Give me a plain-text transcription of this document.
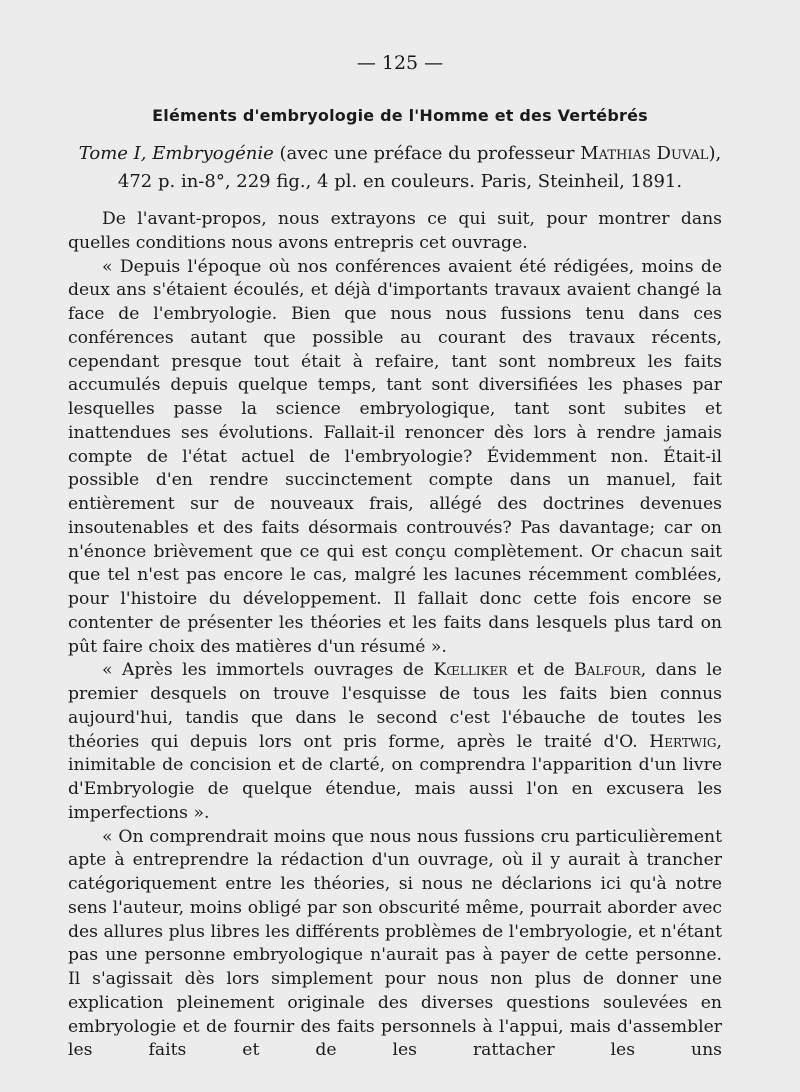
— 125 —
Eléments d'embryologie de l'Homme et des Vertébrés
Tome I, Embryogénie (avec une préface du professeur Mathias Duval),
472 p. in-8°, 229 fig., 4 pl. en couleurs. Paris, Steinheil, 1891.

De l'avant-propos, nous extrayons ce qui suit, pour montrer dans quelles conditions nous avons entrepris cet ouvrage.

« Depuis l'époque où nos conférences avaient été rédigées, moins de deux ans s'étaient écoulés, et déjà d'importants travaux avaient changé la face de l'embryologie. Bien que nous nous fussions tenu dans ces conférences autant que possible au courant des travaux récents, cependant presque tout était à refaire, tant sont nombreux les faits accumulés depuis quelque temps, tant sont diversifiées les phases par lesquelles passe la science embryologique, tant sont subites et inattendues ses évolutions. Fallait-il renoncer dès lors à rendre jamais compte de l'état actuel de l'embryologie? Évidemment non. Était-il possible d'en rendre succinctement compte dans un manuel, fait entièrement sur de nouveaux frais, allégé des doctrines devenues insoutenables et des faits désormais controuvés? Pas davantage; car on n'énonce brièvement que ce qui est conçu complètement. Or chacun sait que tel n'est pas encore le cas, malgré les lacunes récemment comblées, pour l'histoire du développement. Il fallait donc cette fois encore se contenter de présenter les théories et les faits dans lesquels plus tard on pût faire choix des matières d'un résumé ».

« Après les immortels ouvrages de Kœlliker et de Balfour, dans le premier desquels on trouve l'esquisse de tous les faits bien connus aujourd'hui, tandis que dans le second c'est l'ébauche de toutes les théories qui depuis lors ont pris forme, après le traité d'O. Hertwig, inimitable de concision et de clarté, on comprendra l'apparition d'un livre d'Embryologie de quelque étendue, mais aussi l'on en excusera les imperfections ».

« On comprendrait moins que nous nous fussions cru particulièrement apte à entreprendre la rédaction d'un ouvrage, où il y aurait à trancher catégoriquement entre les théories, si nous ne déclarions ici qu'à notre sens l'auteur, moins obligé par son obscurité même, pourrait aborder avec des allures plus libres les différents problèmes de l'embryologie, et n'étant pas une personne embryologique n'aurait pas à payer de cette personne. Il s'agissait dès lors simplement pour nous non plus de donner une explication pleinement originale des diverses questions soulevées en embryologie et de fournir des faits personnels à l'appui, mais d'assembler les faits et de les rattacher les uns
